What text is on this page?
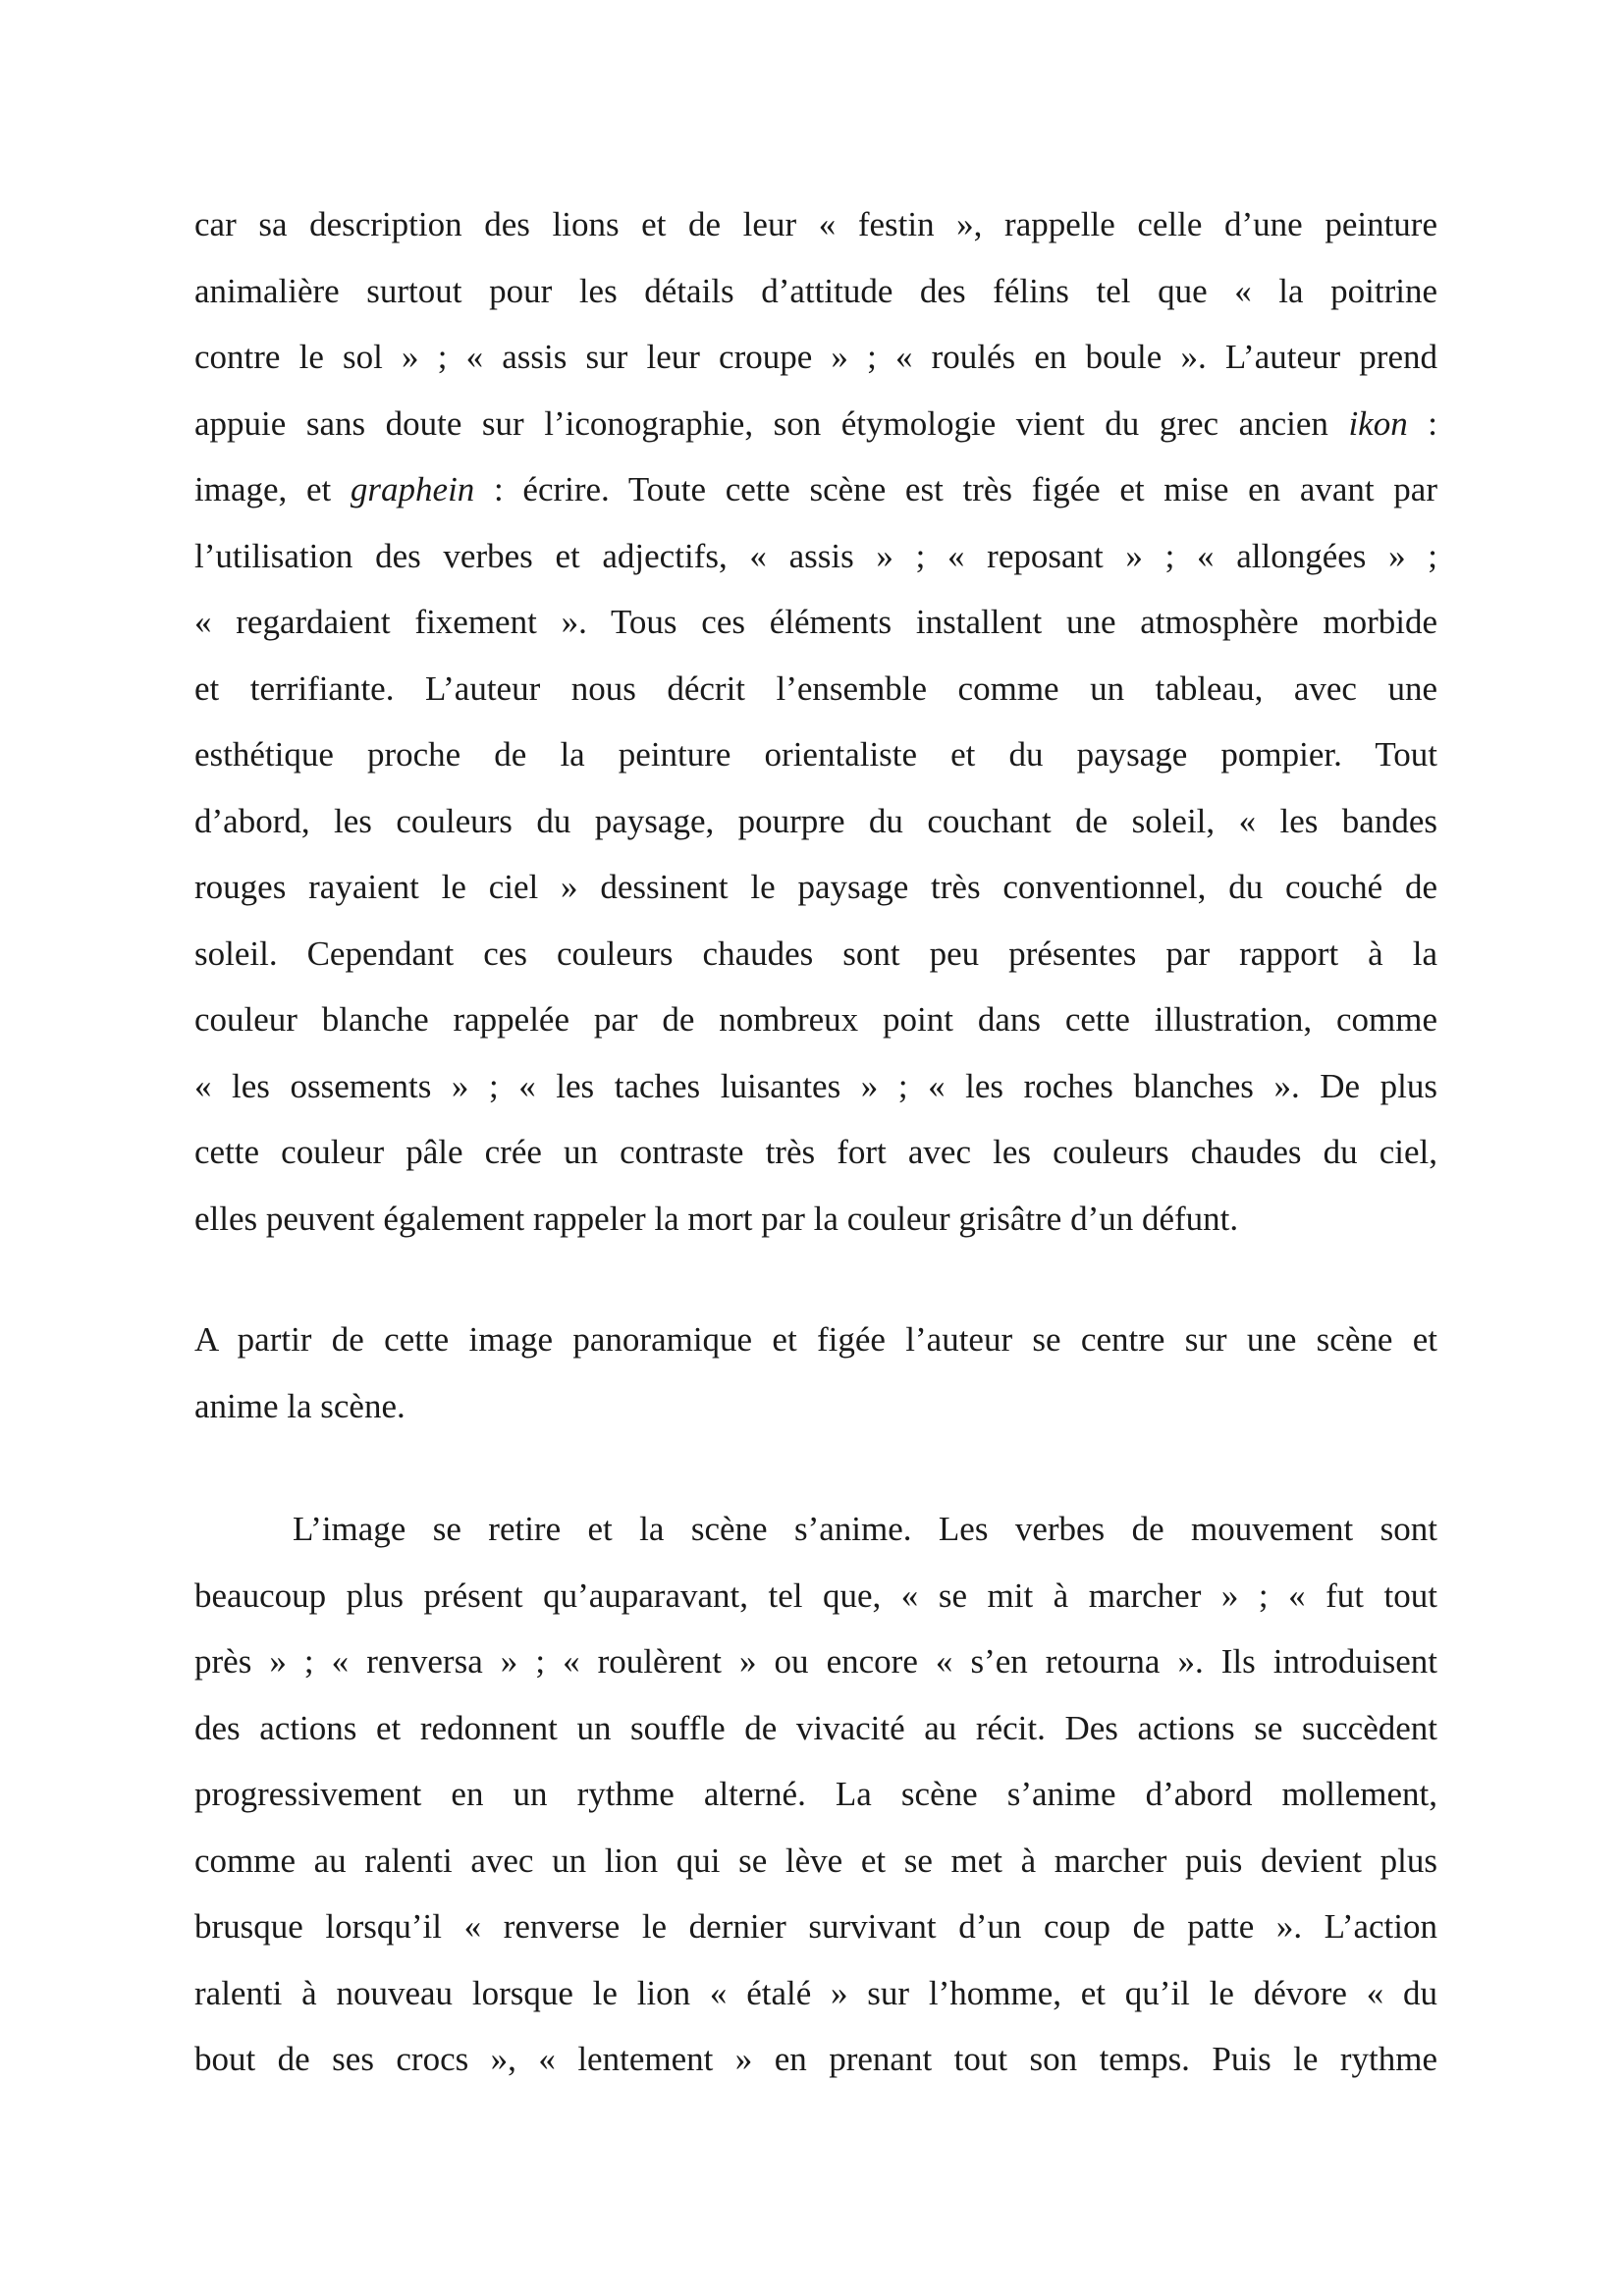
car sa description des lions et de leur « festin », rappelle celle d’une peinture
animalière surtout pour les détails d’attitude des félins tel que « la poitrine
contre le sol » ; « assis sur leur croupe » ; « roulés en boule ». L’auteur prend
appuie sans doute sur l’iconographie, son étymologie vient du grec ancien ikon :
image, et graphein : écrire. Toute cette scène est très figée et mise en avant par
l’utilisation des verbes et adjectifs, « assis » ; « reposant » ; « allongées » ;
« regardaient fixement ». Tous ces éléments installent une atmosphère morbide
et terrifiante. L’auteur nous décrit l’ensemble comme un tableau, avec une
esthétique proche de la peinture orientaliste et du paysage pompier. Tout
d’abord, les couleurs du paysage, pourpre du couchant de soleil, « les bandes
rouges rayaient le ciel » dessinent le paysage très conventionnel, du couché de
soleil. Cependant ces couleurs chaudes sont peu présentes par rapport à la
couleur blanche rappelée par de nombreux point dans cette illustration, comme
« les ossements » ; « les taches luisantes » ; « les roches blanches ». De plus
cette couleur pâle crée un contraste très fort avec les couleurs chaudes du ciel,
elles peuvent également rappeler la mort par la couleur grisâtre d’un défunt.
A partir de cette image panoramique et figée l’auteur se centre sur une scène et
anime la scène.
L’image se retire et la scène s’anime. Les verbes de mouvement sont
beaucoup plus présent qu’auparavant, tel que, « se mit à marcher » ; « fut tout
près » ; « renversa » ; « roulèrent » ou encore « s’en retourna ». Ils introduisent
des actions et redonnent un souffle de vivacité au récit. Des actions se succèdent
progressivement en un rythme alterné. La scène s’anime d’abord mollement,
comme au ralenti avec un lion qui se lève et se met à marcher puis devient plus
brusque lorsqu’il « renverse le dernier survivant d’un coup de patte ». L’action
ralenti à nouveau lorsque le lion « étalé » sur l’homme, et qu’il le dévore « du
bout de ses crocs », « lentement » en prenant tout son temps. Puis le rythme
